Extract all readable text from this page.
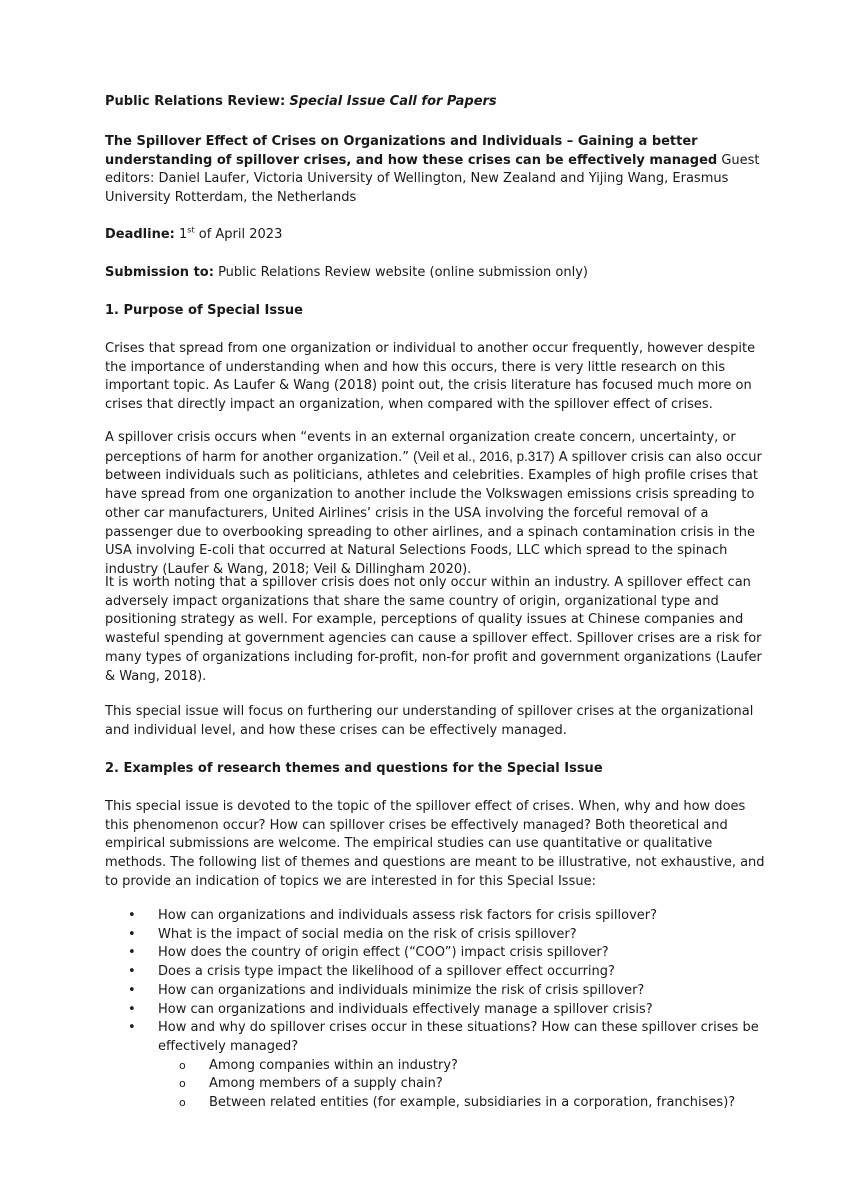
Public Relations Review: Special Issue Call for Papers

The Spillover Effect of Crises on Organizations and Individuals – Gaining a better understanding of spillover crises, and how these crises can be effectively managed Guest editors: Daniel Laufer, Victoria University of Wellington, New Zealand and Yijing Wang, Erasmus University Rotterdam, the Netherlands

Deadline: 1st of April 2023

Submission to: Public Relations Review website (online submission only)

1. Purpose of Special Issue

Crises that spread from one organization or individual to another occur frequently, however despite the importance of understanding when and how this occurs, there is very little research on this important topic. As Laufer & Wang (2018) point out, the crisis literature has focused much more on crises that directly impact an organization, when compared with the spillover effect of crises.

A spillover crisis occurs when “events in an external organization create concern, uncertainty, or perceptions of harm for another organization.” (Veil et al., 2016, p.317) A spillover crisis can also occur between individuals such as politicians, athletes and celebrities. Examples of high profile crises that have spread from one organization to another include the Volkswagen emissions crisis spreading to other car manufacturers, United Airlines’ crisis in the USA involving the forceful removal of a passenger due to overbooking spreading to other airlines, and a spinach contamination crisis in the USA involving E-coli that occurred at Natural Selections Foods, LLC which spread to the spinach industry (Laufer & Wang, 2018; Veil & Dillingham 2020).

It is worth noting that a spillover crisis does not only occur within an industry. A spillover effect can adversely impact organizations that share the same country of origin, organizational type and positioning strategy as well. For example, perceptions of quality issues at Chinese companies and wasteful spending at government agencies can cause a spillover effect. Spillover crises are a risk for many types of organizations including for-profit, non-for profit and government organizations (Laufer & Wang, 2018).

This special issue will focus on furthering our understanding of spillover crises at the organizational and individual level, and how these crises can be effectively managed.

2. Examples of research themes and questions for the Special Issue

This special issue is devoted to the topic of the spillover effect of crises. When, why and how does this phenomenon occur? How can spillover crises be effectively managed? Both theoretical and empirical submissions are welcome. The empirical studies can use quantitative or qualitative methods. The following list of themes and questions are meant to be illustrative, not exhaustive, and to provide an indication of topics we are interested in for this Special Issue:

• How can organizations and individuals assess risk factors for crisis spillover?
• What is the impact of social media on the risk of crisis spillover?
• How does the country of origin effect (“COO”) impact crisis spillover?
• Does a crisis type impact the likelihood of a spillover effect occurring?
• How can organizations and individuals minimize the risk of crisis spillover?
• How can organizations and individuals effectively manage a spillover crisis?
• How and why do spillover crises occur in these situations? How can these spillover crises be effectively managed?
o Among companies within an industry?
o Among members of a supply chain?
o Between related entities (for example, subsidiaries in a corporation, franchises)?
